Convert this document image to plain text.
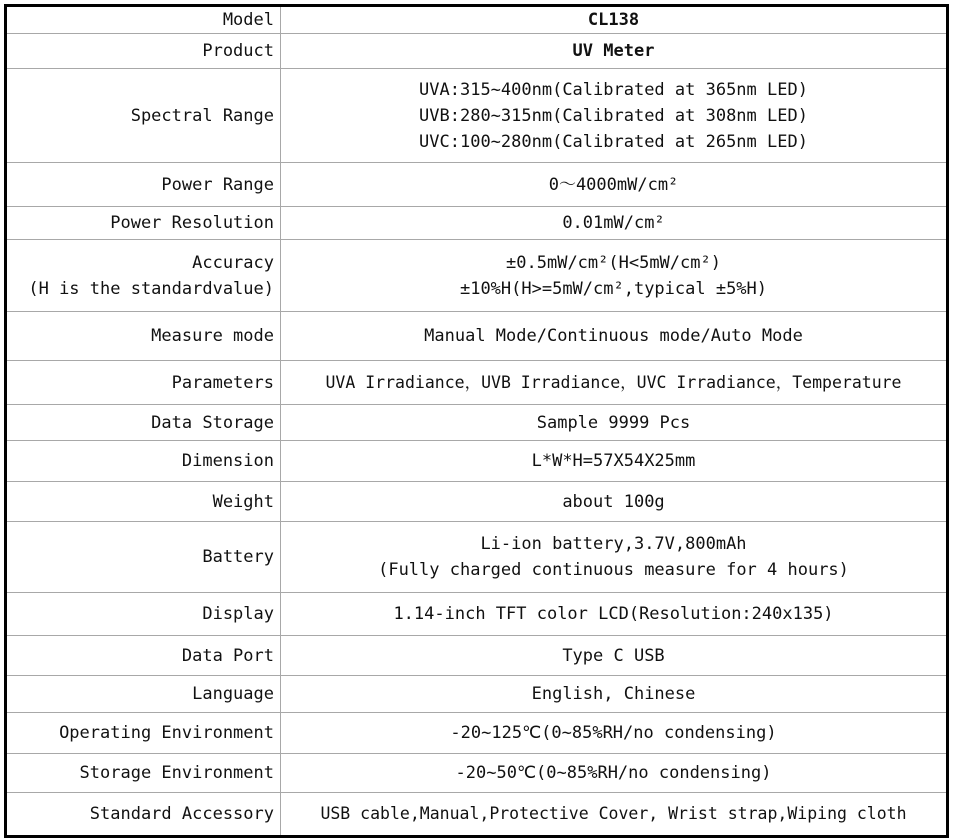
Model	CL138

Product	UV Meter

Spectral Range	UVA:315~400nm(Calibrated at 365nm LED)
UVB:280~315nm(Calibrated at 308nm LED)
UVC:100~280nm(Calibrated at 265nm LED)

Power Range	0～4000mW/cm²

Power Resolution	0.01mW/cm²

Accuracy
(H is the standardvalue)	±0.5mW/cm²(H<5mW/cm²)
±10%H(H>=5mW/cm²,typical ±5%H)

Measure mode	Manual Mode/Continuous mode/Auto Mode

Parameters	UVA Irradiance，UVB Irradiance，UVC Irradiance，Temperature

Data Storage	Sample 9999 Pcs

Dimension	L*W*H=57X54X25mm

Weight	about 100g

Battery	Li-ion battery,3.7V,800mAh
(Fully charged continuous measure for 4 hours)

Display	1.14-inch TFT color LCD(Resolution:240x135)

Data Port	Type C USB

Language	English, Chinese

Operating Environment	-20~125℃(0~85%RH/no condensing)

Storage Environment	-20~50℃(0~85%RH/no condensing)

Standard Accessory	USB cable,Manual,Protective Cover, Wrist strap,Wiping cloth
